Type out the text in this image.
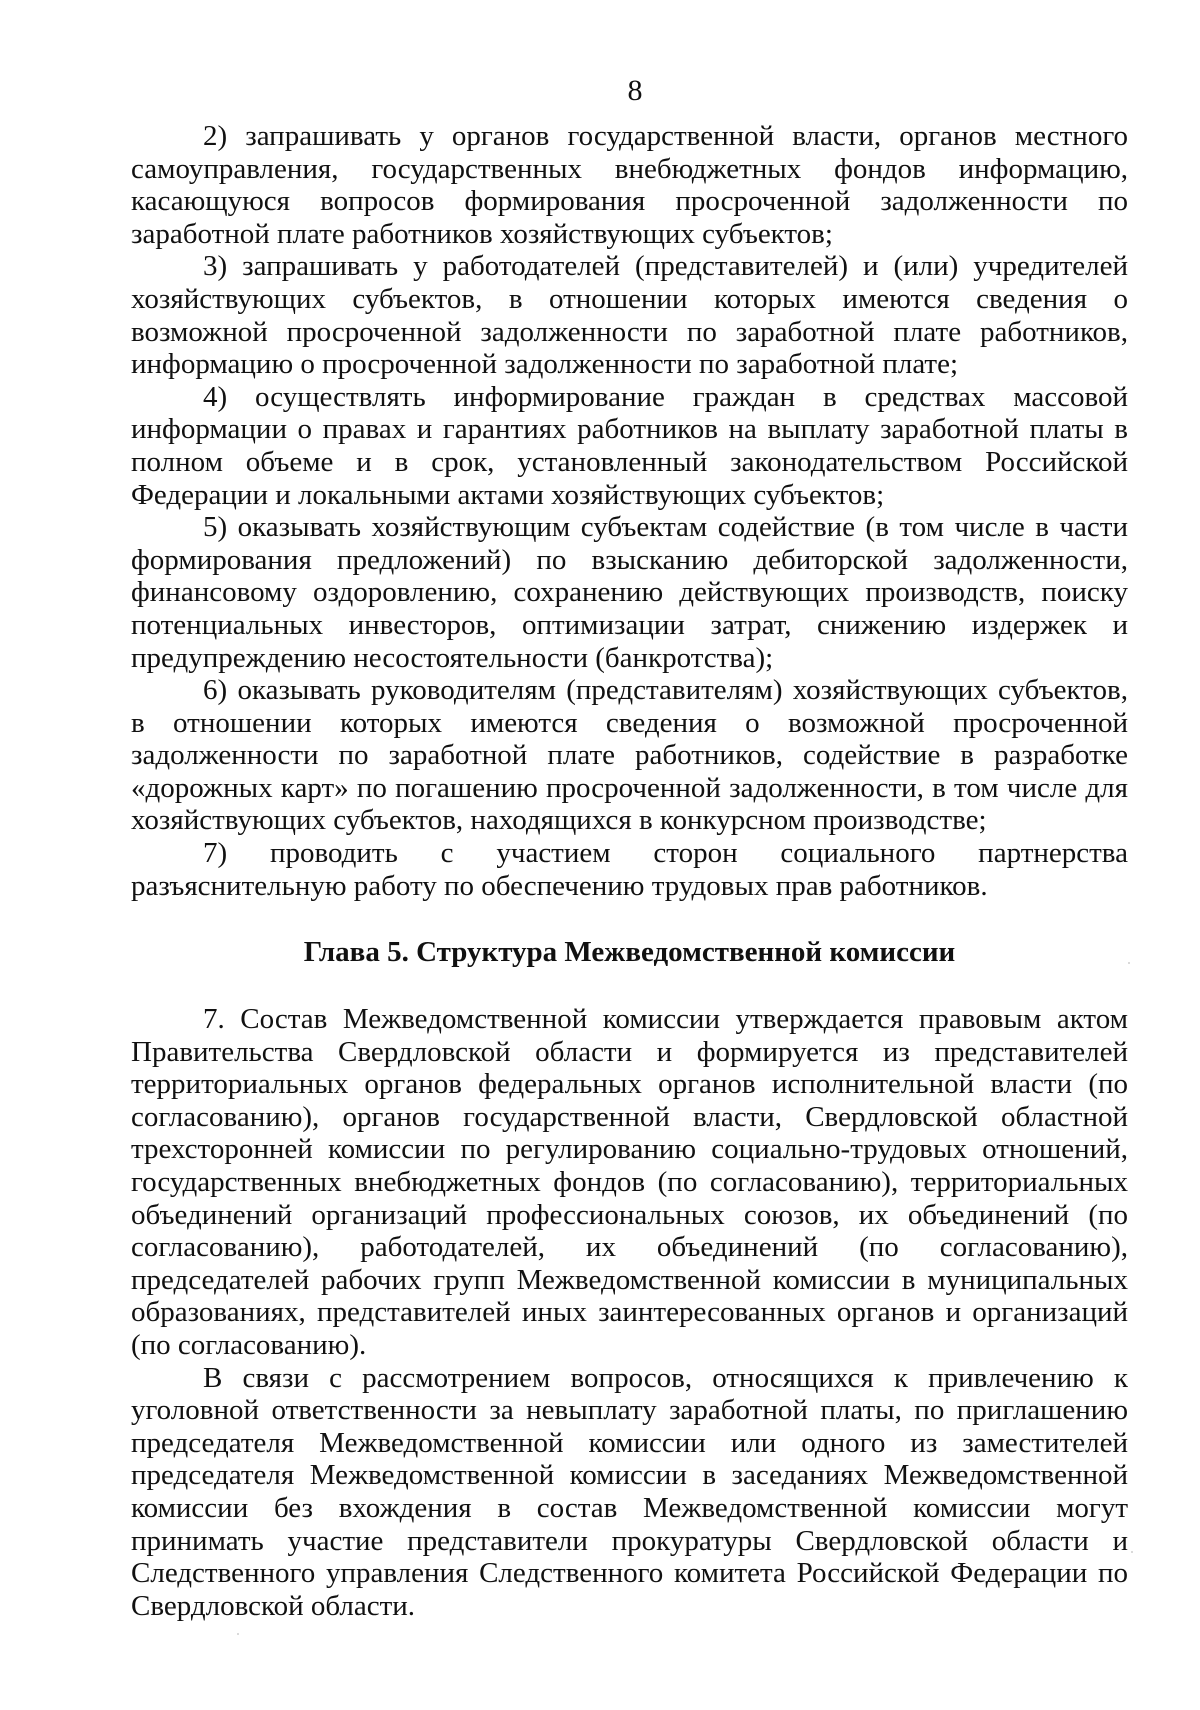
8

2) запрашивать у органов государственной власти, органов местного самоуправления, государственных внебюджетных фондов информацию, касающуюся вопросов формирования просроченной задолженности по заработной плате работников хозяйствующих субъектов;

3) запрашивать у работодателей (представителей) и (или) учредителей хозяйствующих субъектов, в отношении которых имеются сведения о возможной просроченной задолженности по заработной плате работников, информацию о просроченной задолженности по заработной плате;

4) осуществлять информирование граждан в средствах массовой информации о правах и гарантиях работников на выплату заработной платы в полном объеме и в срок, установленный законодательством Российской Федерации и локальными актами хозяйствующих субъектов;

5) оказывать хозяйствующим субъектам содействие (в том числе в части формирования предложений) по взысканию дебиторской задолженности, финансовому оздоровлению, сохранению действующих производств, поиску потенциальных инвесторов, оптимизации затрат, снижению издержек и предупреждению несостоятельности (банкротства);

6) оказывать руководителям (представителям) хозяйствующих субъектов, в отношении которых имеются сведения о возможной просроченной задолженности по заработной плате работников, содействие в разработке «дорожных карт» по погашению просроченной задолженности, в том числе для хозяйствующих субъектов, находящихся в конкурсном производстве;

7) проводить с участием сторон социального партнерства разъяснительную работу по обеспечению трудовых прав работников.

Глава 5. Структура Межведомственной комиссии

7. Состав Межведомственной комиссии утверждается правовым актом Правительства Свердловской области и формируется из представителей территориальных органов федеральных органов исполнительной власти (по согласованию), органов государственной власти, Свердловской областной трехсторонней комиссии по регулированию социально-трудовых отношений, государственных внебюджетных фондов (по согласованию), территориальных объединений организаций профессиональных союзов, их объединений (по согласованию), работодателей, их объединений (по согласованию), председателей рабочих групп Межведомственной комиссии в муниципальных образованиях, представителей иных заинтересованных органов и организаций (по согласованию).

В связи с рассмотрением вопросов, относящихся к привлечению к уголовной ответственности за невыплату заработной платы, по приглашению председателя Межведомственной комиссии или одного из заместителей председателя Межведомственной комиссии в заседаниях Межведомственной комиссии без вхождения в состав Межведомственной комиссии могут принимать участие представители прокуратуры Свердловской области и Следственного управления Следственного комитета Российской Федерации по Свердловской области.
